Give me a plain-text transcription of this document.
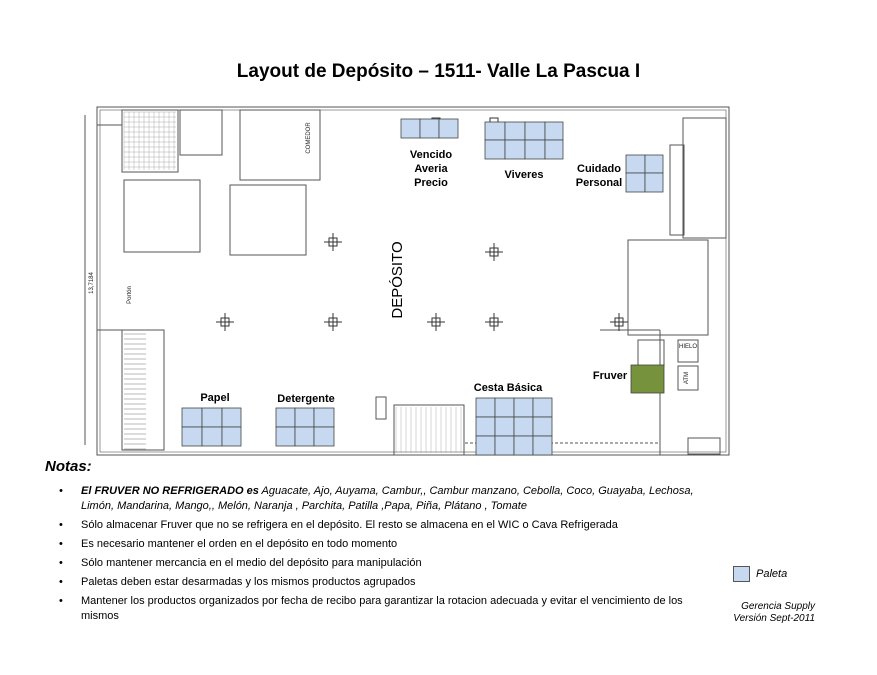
Layout de Depósito – 1511- Valle La Pascua I
Vencido
Averia
Precio
Viveres	Cuidado
Personal
Fruver
Cesta Básica
Papel	Detergente
DEPÓSITO
Portón
13,7184
ATM
HIELO
COMEDOR
Notas:
• El FRUVER NO REFRIGERADO es Aguacate, Ajo, Auyama, Cambur,, Cambur manzano, Cebolla, Coco, Guayaba, Lechosa, Limón, Mandarina, Mango,, Melón, Naranja , Parchita, Patilla ,Papa, Piña, Plátano , Tomate
• Sólo almacenar Fruver que no se refrigera en el depósito. El resto se almacena en el WIC o Cava Refrigerada
• Es necesario mantener el orden en el depósito en todo momento
• Sólo mantener mercancia en el medio del depósito para manipulación
• Paletas deben estar desarmadas y los mismos productos agrupados
• Mantener los productos organizados por fecha de recibo para garantizar la rotacion adecuada y evitar el vencimiento de los mismos
Paleta
Gerencia Supply
Versión Sept-2011
